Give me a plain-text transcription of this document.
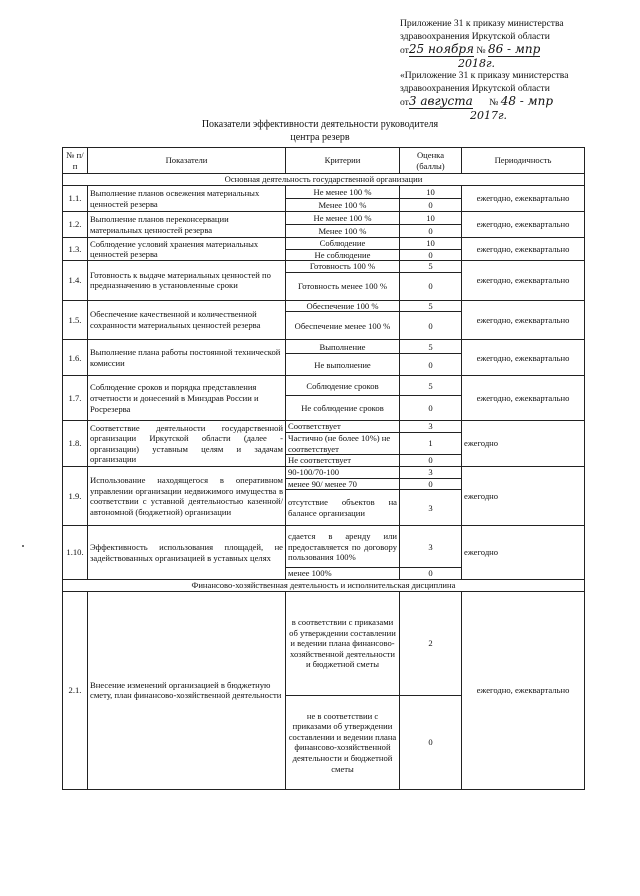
Приложение 31 к приказу министерства
здравоохранения Иркутской области
от25 ноября № 86 - мпр
2018г.
«Приложение 31 к приказу министерства
здравоохранения Иркутской области
от3 августа № 48 - мпр
2017г.
Показатели эффективности деятельности руководителя
центра резерв
№ п/п	Показатели	Критерии	Оценка (баллы)	Периодичность
Основная деятельность государственной организации				
1.1.	Выполнение планов освежения материальных ценностей резерва	Не менее 100 %	10	ежегодно, ежеквартально
		Менее 100 %	0	
1.2.	Выполнение планов переконсервации материальных ценностей резерва	Не менее 100 %	10	ежегодно, ежеквартально
		Менее 100 %	0	
1.3.	Соблюдение условий хранения материальных ценностей резерва	Соблюдение	10	ежегодно, ежеквартально
		Не соблюдение	0	
1.4.	Готовность к выдаче материальных ценностей по предназначению в установленные сроки	Готовность 100 %	5	ежегодно, ежеквартально
		Готовность менее 100 %	0	
1.5.	Обеспечение качественной и количественной сохранности материальных ценностей резерва	Обеспечение 100 %	5	ежегодно, ежеквартально
		Обеспечение менее 100 %	0	
1.6.	Выполнение плана работы постоянной технической комиссии	Выполнение	5	ежегодно, ежеквартально
		Не выполнение	0	
1.7.	Соблюдение сроков и порядка представления отчетности и донесений в Минздрав России и Росрезерва	Соблюдение сроков	5	ежегодно, ежеквартально
		Не соблюдение сроков	0	
1.8.	Соответствие деятельности государственной организации Иркутской области (далее - организации) уставным целям и задачам организации	Соответствует	3	ежегодно
		Частично (не более 10%) не соответствует	1	
		Не соответствует	0	
1.9.	Использование находящегося в оперативном управлении организации недвижимого имущества в соответствии с уставной деятельностью казенной/ автономной (бюджетной) организации	90-100/70-100	3	ежегодно
		менее 90/ менее 70	0	
		отсутствие объектов на балансе организации	3	
1.10.	Эффективность использования площадей, не задействованных организацией в уставных целях	сдается в аренду или предоставляется по договору пользования 100%	3	ежегодно
		менее 100%	0	
Финансово-хозяйственная деятельность и исполнительская дисциплина				
2.1.	Внесение изменений организацией в бюджетную смету, план финансово-хозяйственной деятельности	в соответствии с приказами об утверждении составлении и ведении плана финансово-хозяйственной деятельности и бюджетной сметы	2	ежегодно, ежеквартально
		не в соответствии с приказами об утверждении составлении и ведении плана финансово-хозяйственной деятельности и бюджетной сметы	0	
